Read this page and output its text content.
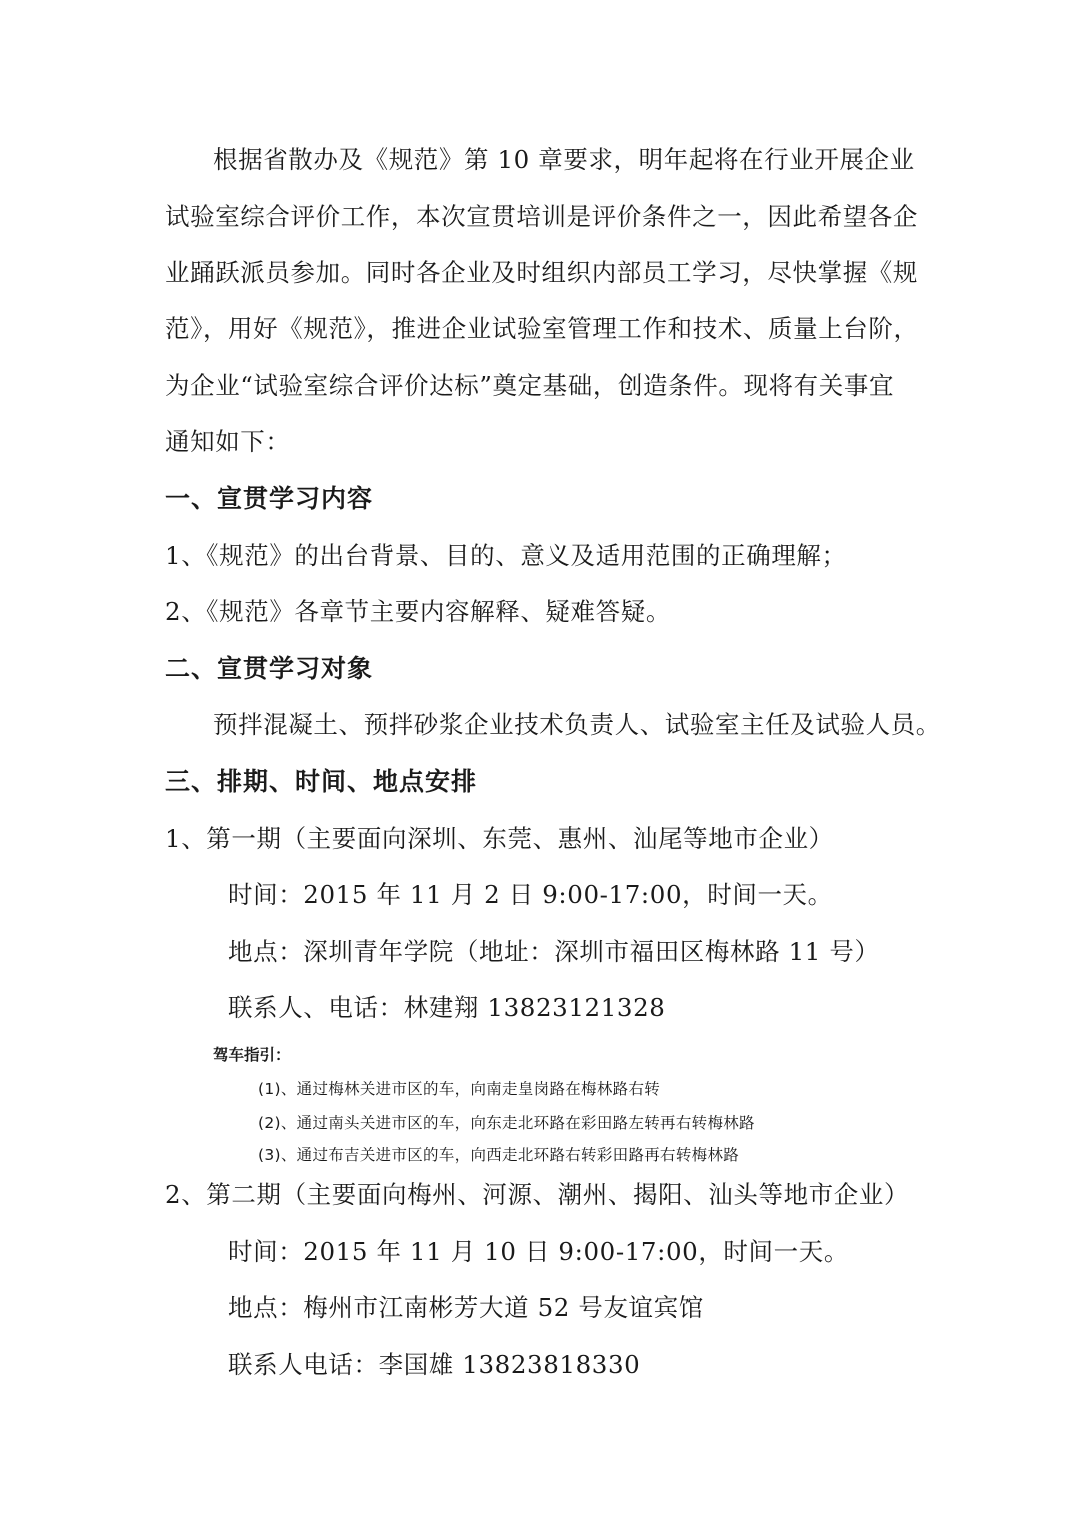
根据省散办及《规范》第 10 章要求，明年起将在行业开展企业
试验室综合评价工作，本次宣贯培训是评价条件之一，因此希望各企
业踊跃派员参加。同时各企业及时组织内部员工学习，尽快掌握《规
范》，用好《规范》，推进企业试验室管理工作和技术、质量上台阶，
为企业“试验室综合评价达标”奠定基础，创造条件。现将有关事宜
通知如下：
一、宣贯学习内容
1、《规范》的出台背景、目的、意义及适用范围的正确理解；
2、《规范》各章节主要内容解释、疑难答疑。
二、宣贯学习对象
预拌混凝土、预拌砂浆企业技术负责人、试验室主任及试验人员。
三、排期、时间、地点安排
1、第一期（主要面向深圳、东莞、惠州、汕尾等地市企业）
时间：2015 年 11 月 2 日 9:00-17:00，时间一天。
地点：深圳青年学院（地址：深圳市福田区梅林路 11 号）
联系人、电话：林建翔 13823121328
驾车指引：
(1)、通过梅林关进市区的车，向南走皇岗路在梅林路右转
(2)、通过南头关进市区的车，向东走北环路在彩田路左转再右转梅林路
(3)、通过布吉关进市区的车，向西走北环路右转彩田路再右转梅林路
2、第二期（主要面向梅州、河源、潮州、揭阳、汕头等地市企业）
时间：2015 年 11 月 10 日 9:00-17:00，时间一天。
地点：梅州市江南彬芳大道 52 号友谊宾馆
联系人电话：李国雄 13823818330
